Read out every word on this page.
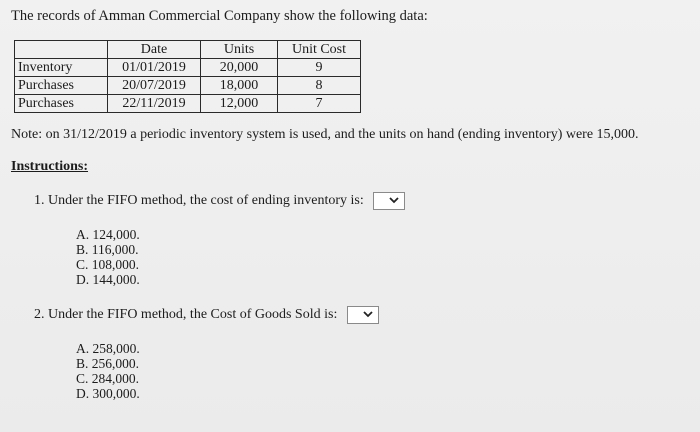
The records of Amman Commercial Company show the following data:
	Date	Units	Unit Cost
Inventory	01/01/2019	20,000	9
Purchases	20/07/2019	18,000	8
Purchases	22/11/2019	12,000	7
Note: on 31/12/2019 a periodic inventory system is used, and the units on hand (ending inventory) were 15,000.
Instructions:
1. Under the FIFO method, the cost of ending inventory is:
A. 124,000.
B. 116,000.
C. 108,000.
D. 144,000.
2. Under the FIFO method, the Cost of Goods Sold is:
A. 258,000.
B. 256,000.
C. 284,000.
D. 300,000.
